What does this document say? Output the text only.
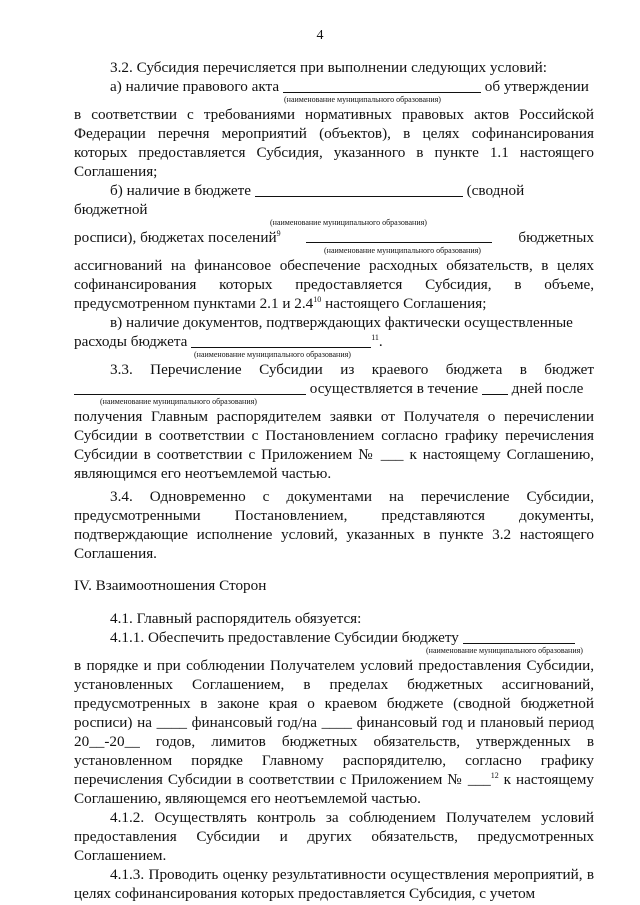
4

3.2. Субсидия перечисляется при выполнении следующих условий:

а) наличие правового акта	об утверждении

(наименование муниципального образования)

в соответствии с требованиями нормативных правовых актов Российской Федерации перечня мероприятий (объектов), в целях софинансирования которых предоставляется Субсидия, указанного в пункте 1.1 настоящего Соглашения;

б) наличие в бюджете	(сводной бюджетной

(наименование муниципального образования)

росписи), бюджетах поселений$^9$	бюджетных

(наименование муниципального образования)

ассигнований на финансовое обеспечение расходных обязательств, в целях софинансирования которых предоставляется Субсидия, в объеме, предусмотренном пунктами 2.1 и $2.4^{10}$ настоящего Соглашения;

в) наличие документов, подтверждающих фактически осуществленные

расходы бюджета	$^{11}$.

(наименование муниципального образования)

3.3. Перечисление Субсидии из краевого бюджета в бюджет

осуществляется в течение дней после

(наименование муниципального образования)

получения Главным распорядителем заявки от Получателя о перечислении Субсидии в соответствии с Постановлением согласно графику перечисления Субсидии в соответствии с Приложением № ___ к настоящему Соглашению, являющимся его неотъемлемой частью.

3.4. Одновременно с документами на перечисление Субсидии, предусмотренными Постановлением, представляются документы, подтверждающие исполнение условий, указанных в пункте 3.2 настоящего Соглашения.

IV. Взаимоотношения Сторон

4.1. Главный распорядитель обязуется:

4.1.1. Обеспечить предоставление Субсидии бюджету

(наименование муниципального образования)

в порядке и при соблюдении Получателем условий предоставления Субсидии, установленных Соглашением, в пределах бюджетных ассигнований, предусмотренных в законе края о краевом бюджете (сводной бюджетной росписи) на ____ финансовый год/на ____ финансовый год и плановый период 20__-20__ годов, лимитов бюджетных обязательств, утвержденных в установленном порядке Главному распорядителю, согласно графику перечисления Субсидии в соответствии с Приложением № ___$^{12}$ к настоящему Соглашению, являющемся его неотъемлемой частью.

4.1.2. Осуществлять контроль за соблюдением Получателем условий предоставления Субсидии и других обязательств, предусмотренных Соглашением.

4.1.3. Проводить оценку результативности осуществления мероприятий, в целях софинансирования которых предоставляется Субсидия, с учетом
